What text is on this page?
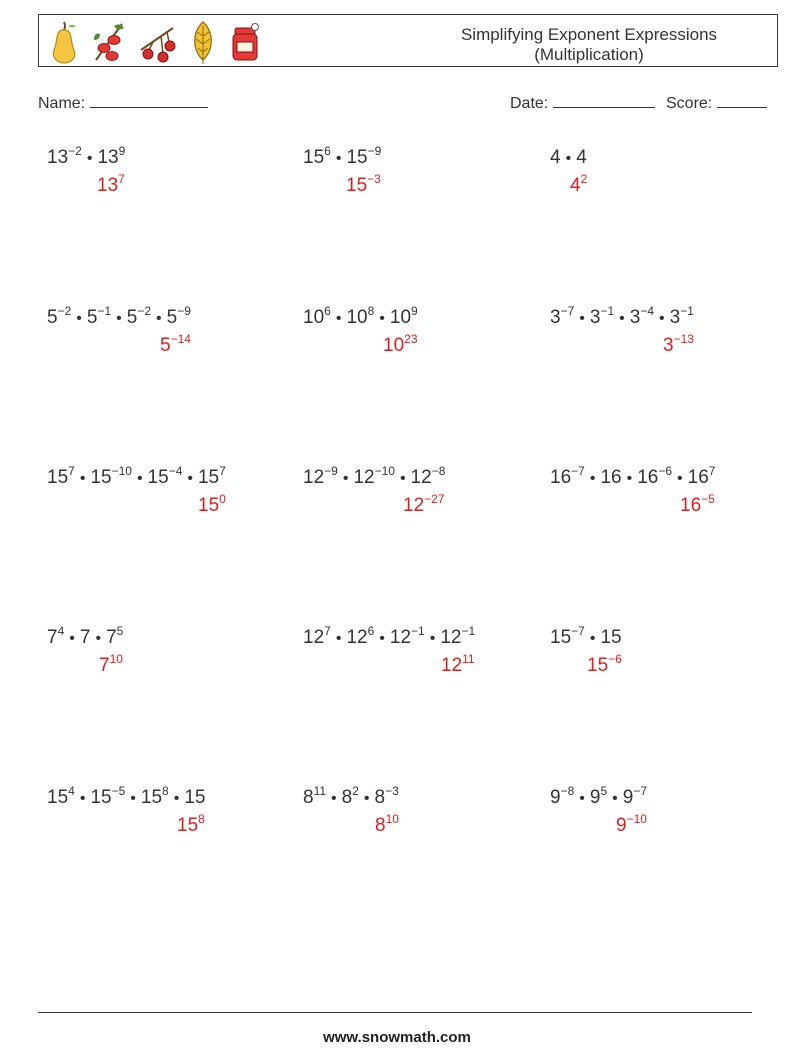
Simplifying Exponent Expressions
(Multiplication)
Name:	Date:	Score:
$13^{-2}$ • $13^9$
$13^7$
$15^6$ • $15^{-9}$
$15^{-3}$
4 • 4
$4^2$
$5^{-2}$ • $5^{-1}$ • $5^{-2}$ • $5^{-9}$
$5^{-14}$
$10^6$ • $10^8$ • $10^9$
$10^{23}$
$3^{-7}$ • $3^{-1}$ • $3^{-4}$ • $3^{-1}$
$3^{-13}$
$15^7$ • $15^{-10}$ • $15^{-4}$ • $15^7$
$15^0$
$12^{-9}$ • $12^{-10}$ • $12^{-8}$
$12^{-27}$
$16^{-7}$ • 16 • $16^{-6}$ • $16^7$
$16^{-5}$
$7^4$ • 7 • $7^5$
$7^{10}$
$12^7$ • $12^6$ • $12^{-1}$ • $12^{-1}$
$12^{11}$
$15^{-7}$ • 15
$15^{-6}$
$15^4$ • $15^{-5}$ • $15^8$ • 15
$15^8$
$8^{11}$ • $8^2$ • $8^{-3}$
$8^{10}$
$9^{-8}$ • $9^5$ • $9^{-7}$
$9^{-10}$
www.snowmath.com
